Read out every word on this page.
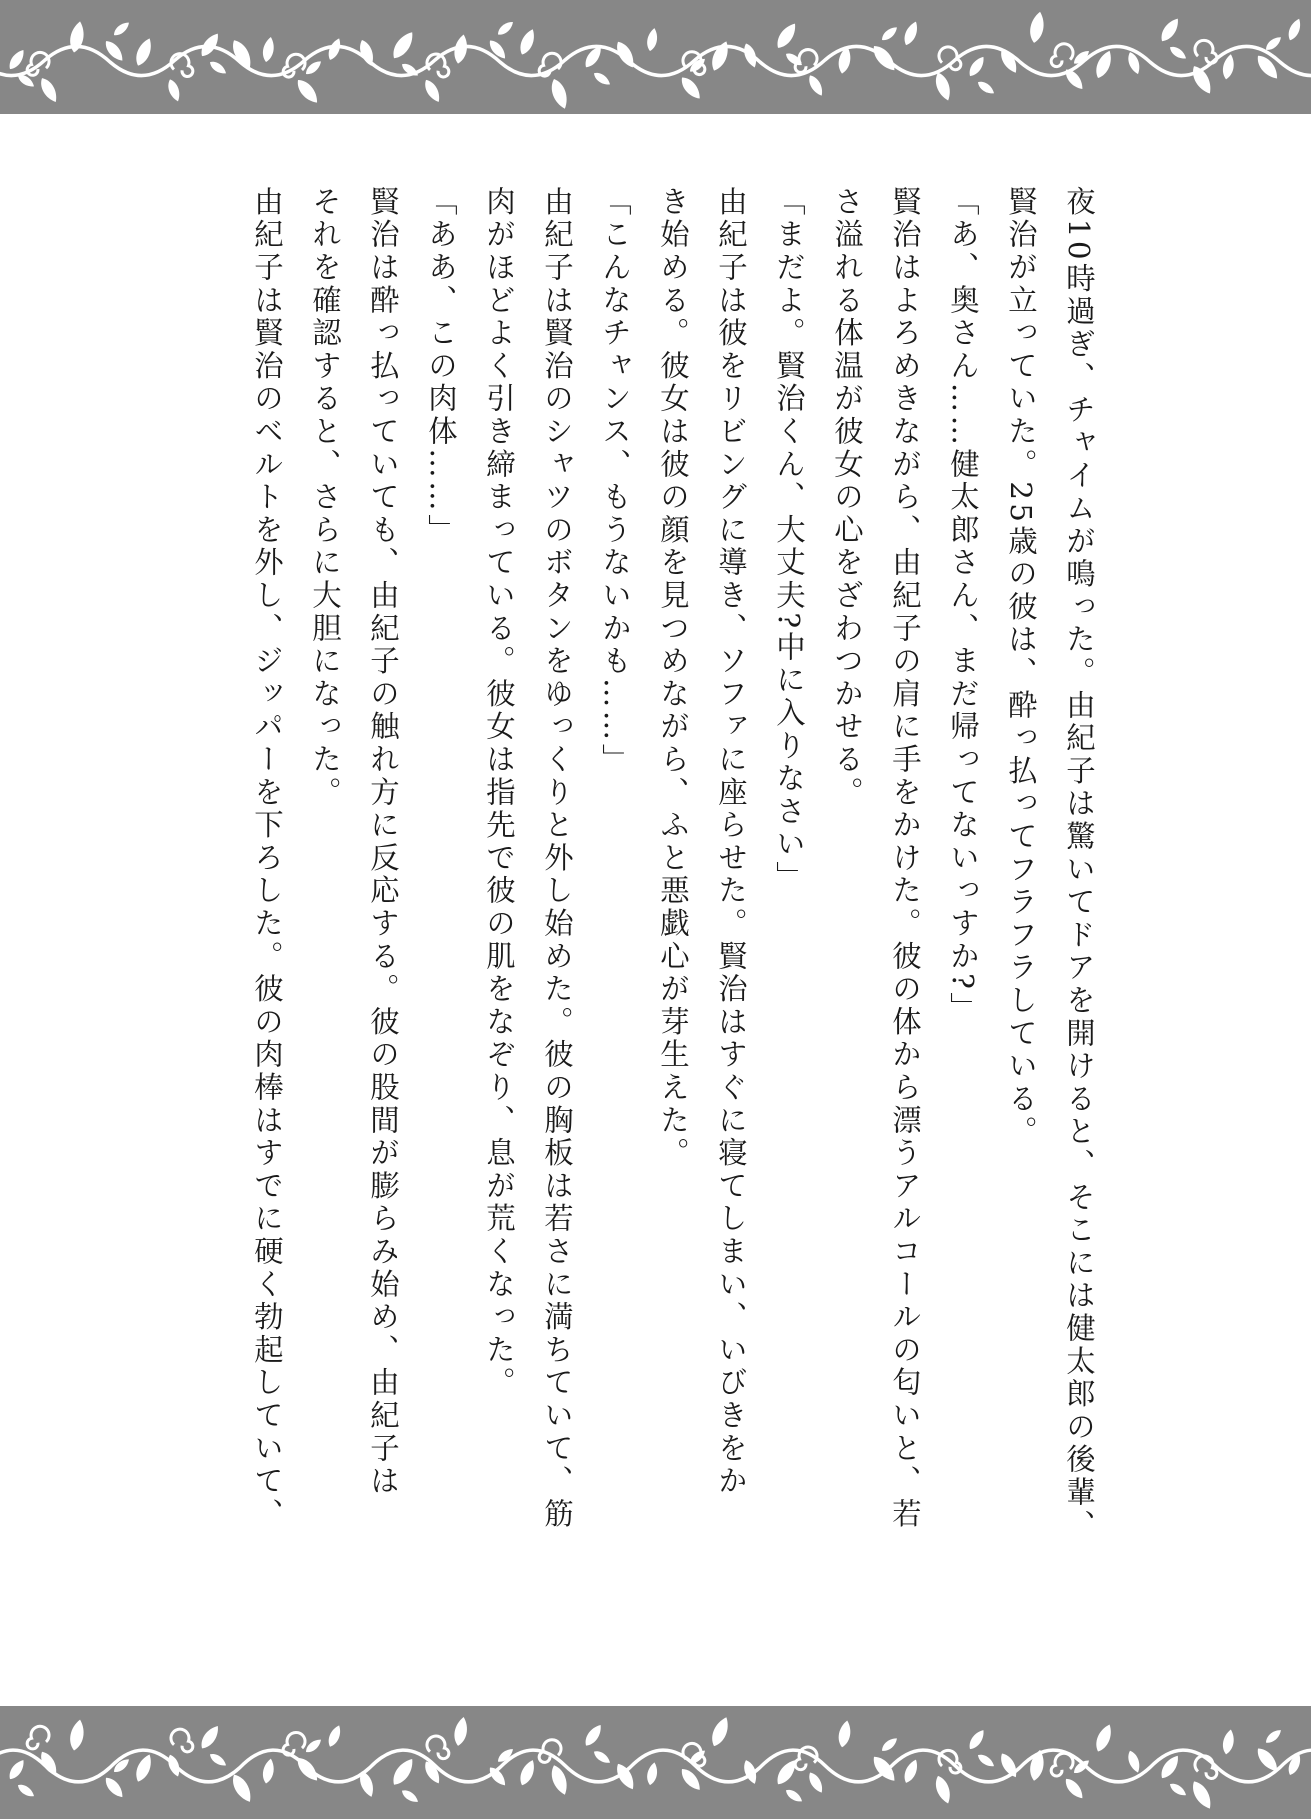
夜10時過ぎ、チャイムが鳴った。由紀子は驚いてドアを開けると、そこには健太郎の後輩、
賢治が立っていた。25歳の彼は、酔っ払ってフラフラしている。
「あ、奥さん……健太郎さん、まだ帰ってないっすか?」
賢治はよろめきながら、由紀子の肩に手をかけた。彼の体から漂うアルコールの匂いと、若
さ溢れる体温が彼女の心をざわつかせる。
「まだよ。賢治くん、大丈夫?中に入りなさい」
由紀子は彼をリビングに導き、ソファに座らせた。賢治はすぐに寝てしまい、いびきをか
き始める。彼女は彼の顔を見つめながら、ふと悪戯心が芽生えた。
「こんなチャンス、もうないかも……」
由紀子は賢治のシャツのボタンをゆっくりと外し始めた。彼の胸板は若さに満ちていて、筋
肉がほどよく引き締まっている。彼女は指先で彼の肌をなぞり、息が荒くなった。
「ああ、この肉体……」
賢治は酔っ払っていても、由紀子の触れ方に反応する。彼の股間が膨らみ始め、由紀子は
それを確認すると、さらに大胆になった。
由紀子は賢治のベルトを外し、ジッパーを下ろした。彼の肉棒はすでに硬く勃起していて、
